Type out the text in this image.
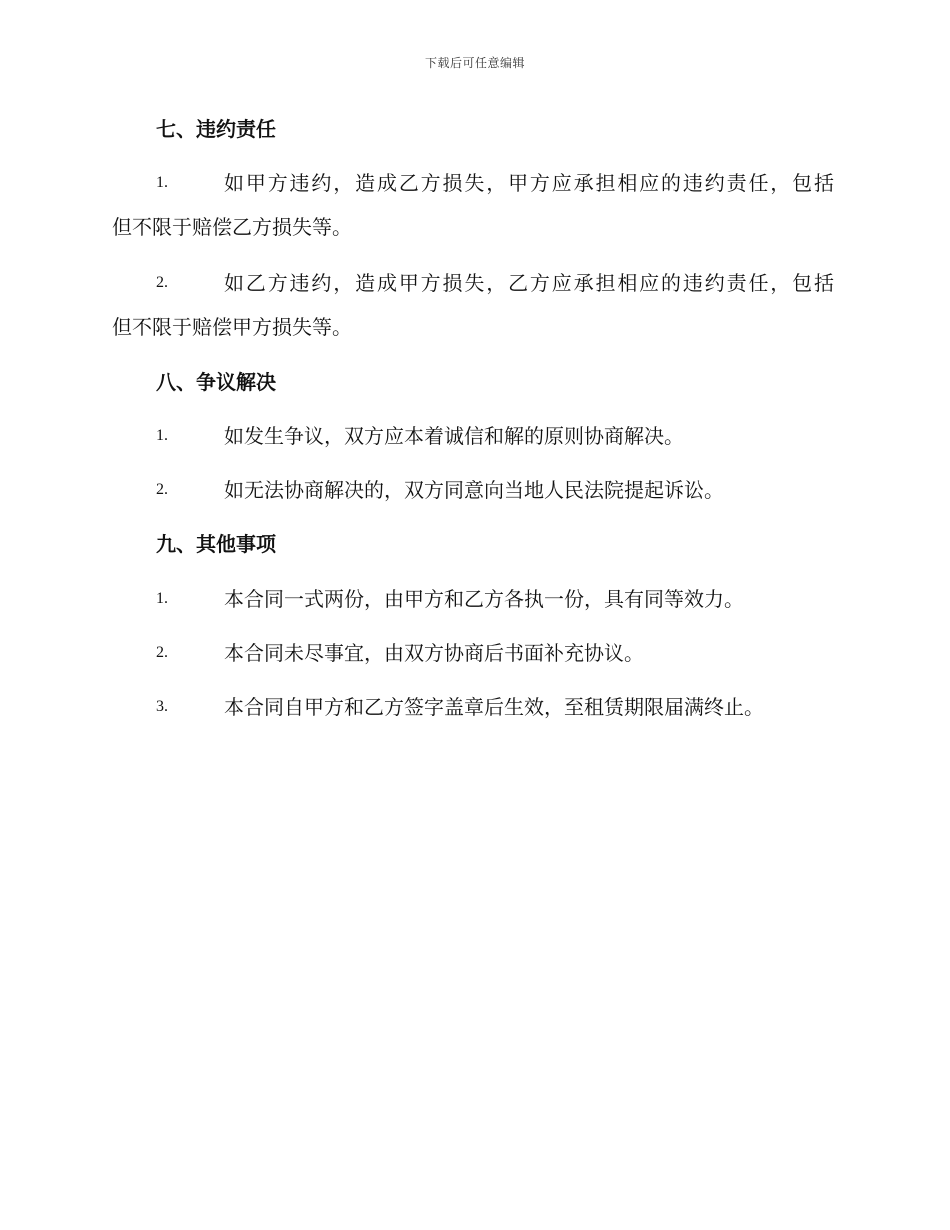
下载后可任意编辑
七、违约责任
1.	如甲方违约，造成乙方损失，甲方应承担相应的违约责任，包括
但不限于赔偿乙方损失等。
2.	如乙方违约，造成甲方损失，乙方应承担相应的违约责任，包括
但不限于赔偿甲方损失等。
八、争议解决
1.	如发生争议，双方应本着诚信和解的原则协商解决。
2.	如无法协商解决的，双方同意向当地人民法院提起诉讼。
九、其他事项
1.	本合同一式两份，由甲方和乙方各执一份，具有同等效力。
2.	本合同未尽事宜，由双方协商后书面补充协议。
3.	本合同自甲方和乙方签字盖章后生效，至租赁期限届满终止。
